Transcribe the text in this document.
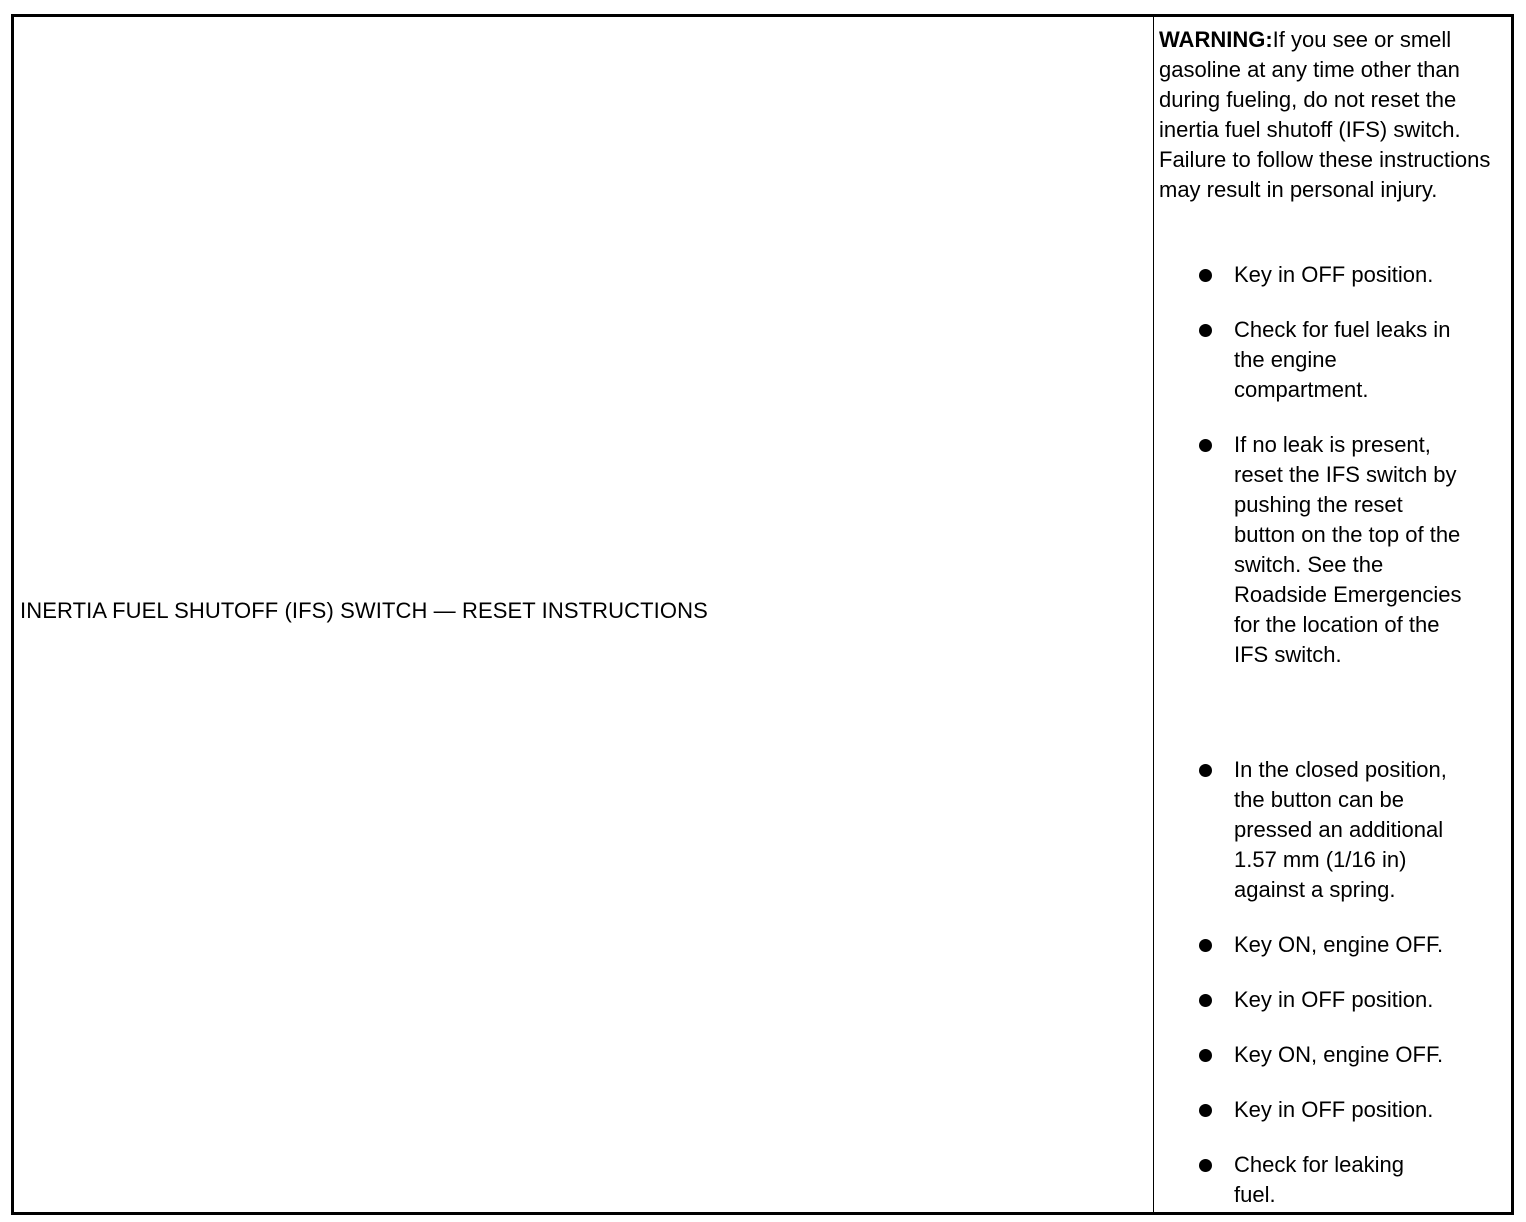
INERTIA FUEL SHUTOFF (IFS) SWITCH — RESET INSTRUCTIONS
WARNING:If you see or smell gasoline at any time other than during fueling, do not reset the inertia fuel shutoff (IFS) switch. Failure to follow these instructions may result in personal injury.
Key in OFF position.
Check for fuel leaks in the engine compartment.
If no leak is present, reset the IFS switch by pushing the reset button on the top of the switch. See the Roadside Emergencies for the location of the IFS switch.
In the closed position, the button can be pressed an additional 1.57 mm (1/16 in) against a spring.
Key ON, engine OFF.
Key in OFF position.
Key ON, engine OFF.
Key in OFF position.
Check for leaking fuel.
